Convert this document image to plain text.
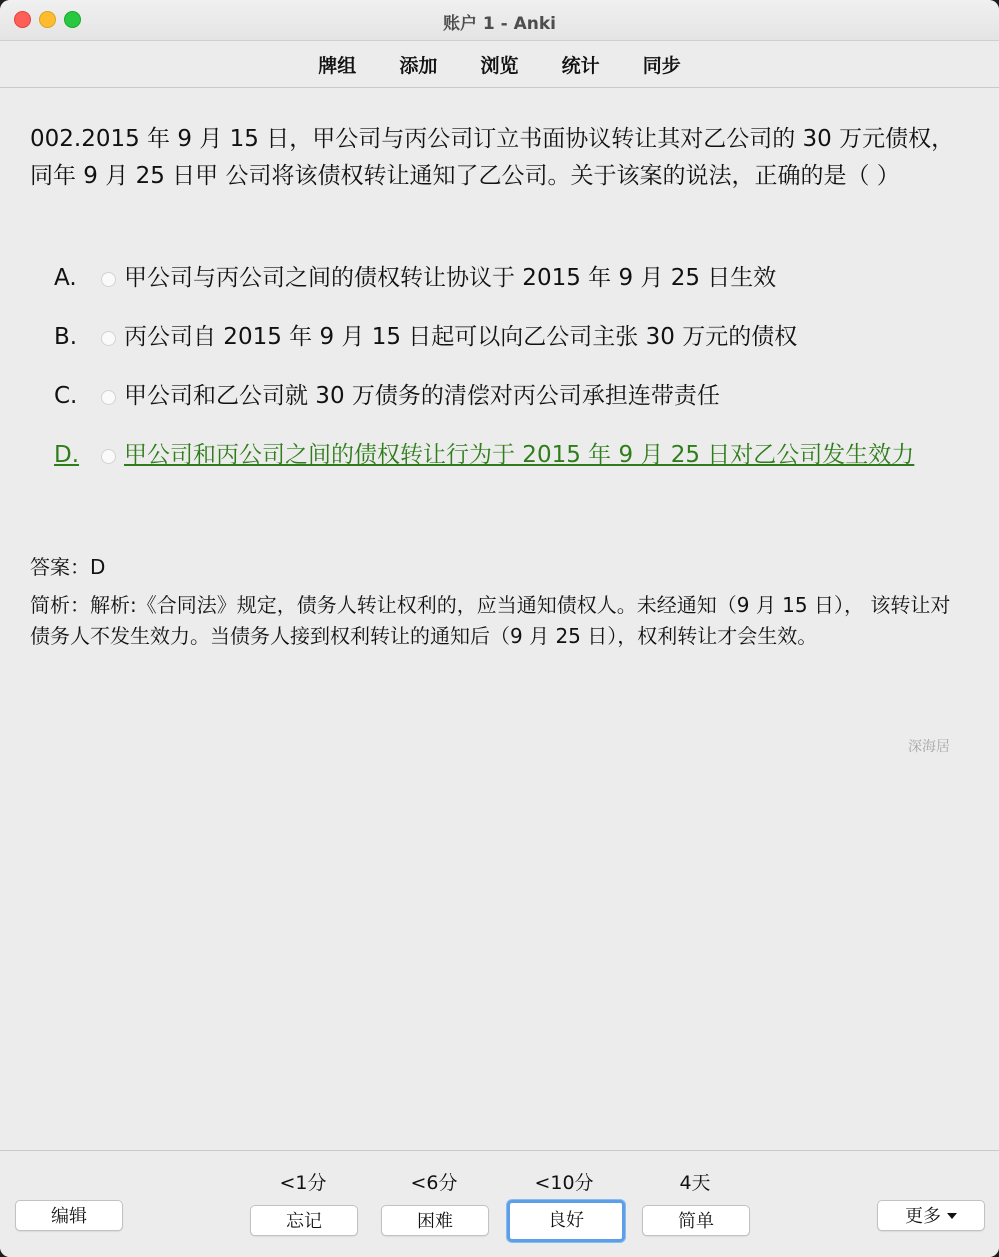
账户 1 - Anki
牌组 添加 浏览 统计 同步
002.2015 年 9 月 15 日，甲公司与丙公司订立书面协议转让其对乙公司的 30 万元债权，同年 9 月 25 日甲 公司将该债权转让通知了乙公司。关于该案的说法，正确的是（ ）
A. 甲公司与丙公司之间的债权转让协议于 2015 年 9 月 25 日生效
B. 丙公司自 2015 年 9 月 15 日起可以向乙公司主张 30 万元的债权
C. 甲公司和乙公司就 30 万债务的清偿对丙公司承担连带责任
D.	甲公司和丙公司之间的债权转让行为于 2015 年 9 月 25 日对乙公司发生效力
答案：D
简析：解析:《合同法》规定，债务人转让权利的，应当通知债权人。未经通知（9 月 15 日）， 该转让对债务人不发生效力。当债务人接到权利转让的通知后（9 月 25 日），权利转让才会生效。
深海居
<1分	<6分	<10分	4天
编辑	忘记	困难	良好	简单	更多
